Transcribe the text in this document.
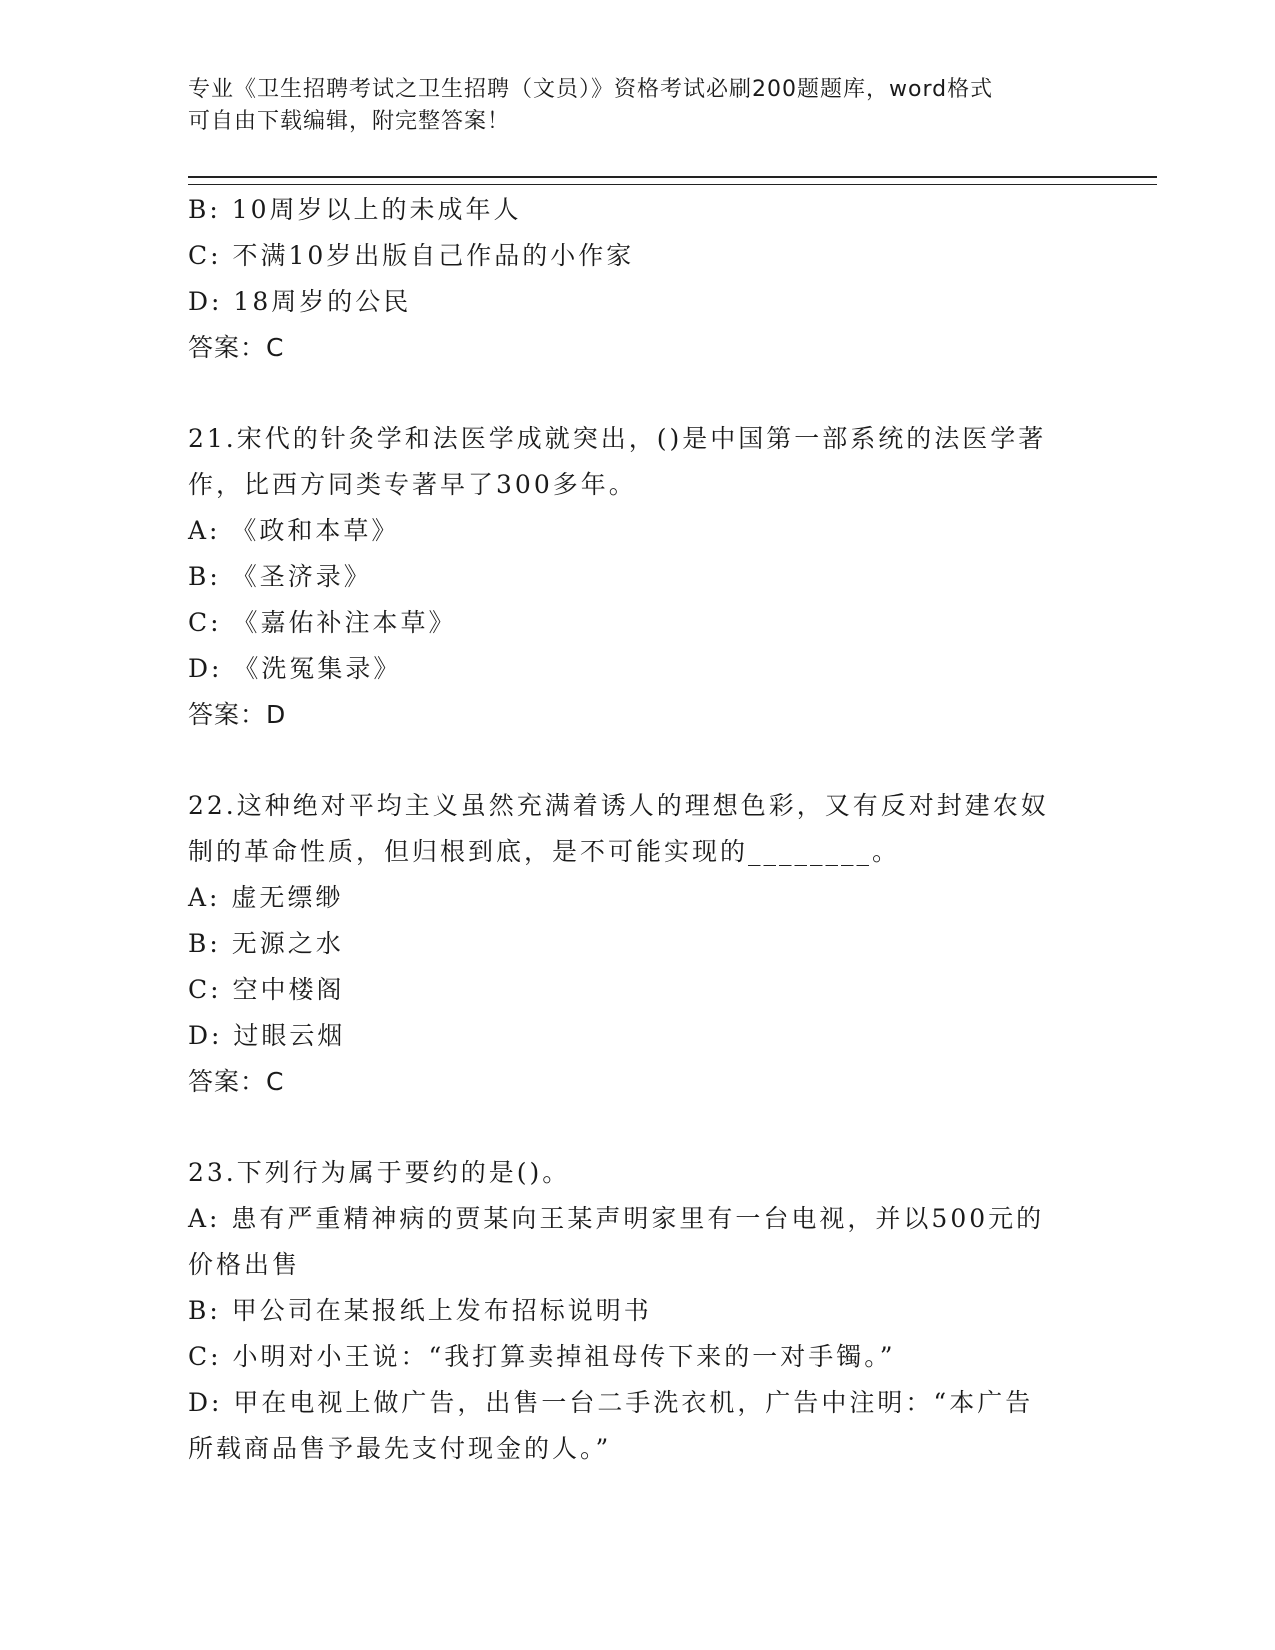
专业《卫生招聘考试之卫生招聘（文员）》资格考试必刷200题题库，word格式
可自由下载编辑，附完整答案！
B: 10周岁以上的未成年人
C: 不满10岁出版自己作品的小作家
D: 18周岁的公民
答案：C
21.宋代的针灸学和法医学成就突出，()是中国第一部系统的法医学著
作，比西方同类专著早了300多年。
A: 《政和本草》
B: 《圣济录》
C: 《嘉佑补注本草》
D: 《洗冤集录》
答案：D
22.这种绝对平均主义虽然充满着诱人的理想色彩，又有反对封建农奴
制的革命性质，但归根到底，是不可能实现的________。
A: 虚无缥缈
B: 无源之水
C: 空中楼阁
D: 过眼云烟
答案：C
23.下列行为属于要约的是()。
A: 患有严重精神病的贾某向王某声明家里有一台电视，并以500元的
价格出售
B: 甲公司在某报纸上发布招标说明书
C: 小明对小王说：“我打算卖掉祖母传下来的一对手镯。”
D: 甲在电视上做广告，出售一台二手洗衣机，广告中注明：“本广告
所载商品售予最先支付现金的人。”
